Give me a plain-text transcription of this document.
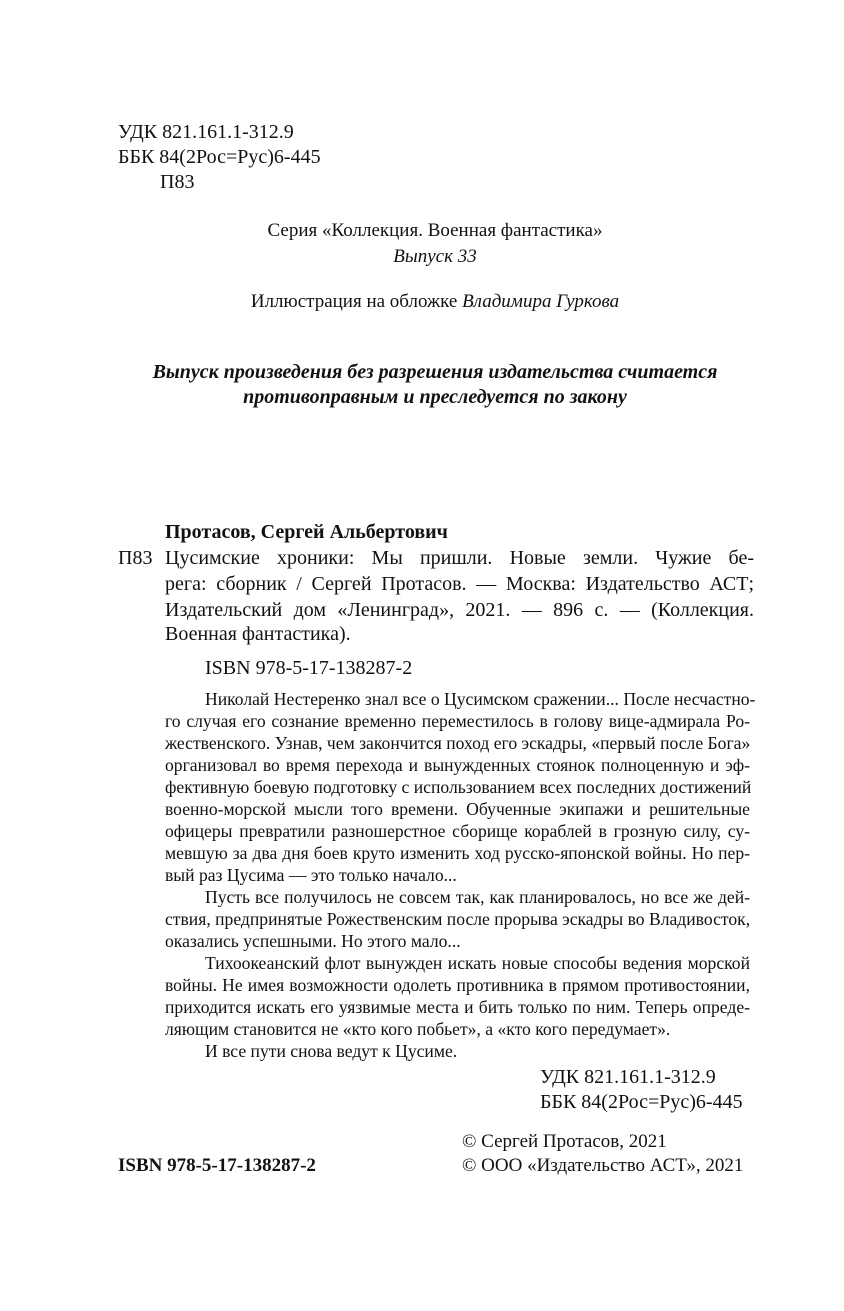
УДК 821.161.1-312.9
ББК 84(2Рос=Рус)6-445
П83
Серия «Коллекция. Военная фантастика»
Выпуск 33
Иллюстрация на обложке Владимира Гуркова
Выпуск произведения без разрешения издательства считается
противоправным и преследуется по закону
Протасов, Сергей Альбертович
П83 Цусимские хроники: Мы пришли. Новые земли. Чужие бе-
рега: сборник / Сергей Протасов. — Москва: Издательство АСТ;
Издательский дом «Ленинград», 2021. — 896 с. — (Коллекция.
Военная фантастика).
ISBN 978-5-17-138287-2
Николай Нестеренко знал все о Цусимском сражении... После несчастно-
го случая его сознание временно переместилось в голову вице-адмирала Ро-
жественского. Узнав, чем закончится поход его эскадры, «первый после Бога»
организовал во время перехода и вынужденных стоянок полноценную и эф-
фективную боевую подготовку с использованием всех последних достижений
военно-морской мысли того времени. Обученные экипажи и решительные
офицеры превратили разношерстное сборище кораблей в грозную силу, су-
мевшую за два дня боев круто изменить ход русско-японской войны. Но пер-
вый раз Цусима — это только начало...
Пусть все получилось не совсем так, как планировалось, но все же дей-
ствия, предпринятые Рожественским после прорыва эскадры во Владивосток,
оказались успешными. Но этого мало...
Тихоокеанский флот вынужден искать новые способы ведения морской
войны. Не имея возможности одолеть противника в прямом противостоянии,
приходится искать его уязвимые места и бить только по ним. Теперь опреде-
ляющим становится не «кто кого побьет», а «кто кого передумает».
И все пути снова ведут к Цусиме.
УДК 821.161.1-312.9
ББК 84(2Рос=Рус)6-445
© Сергей Протасов, 2021
ISBN 978-5-17-138287-2	© ООО «Издательство АСТ», 2021
